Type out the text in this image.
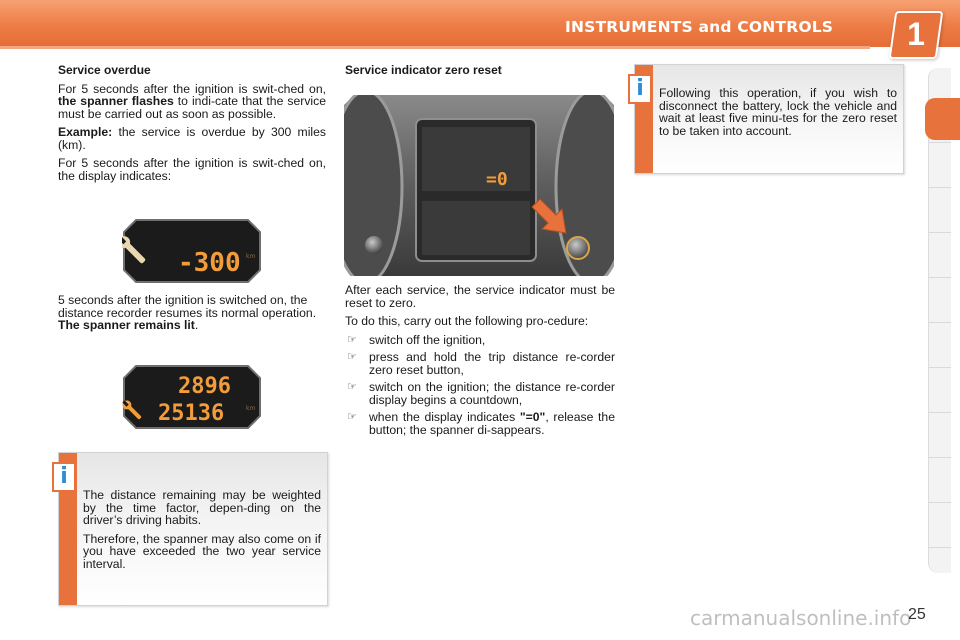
INSTRUMENTS and CONTROLS	1

Service overdue

For 5 seconds after the ignition is swit-ched on, the spanner flashes to indi-cate that the service must be carried out as soon as possible.

Example: the service is overdue by 300 miles (km).

For 5 seconds after the ignition is swit-ched on, the display indicates:

-300 km

5 seconds after the ignition is switched on, the distance recorder resumes its normal operation. The spanner remains lit.

2896
25136	km

The distance remaining may be weighted by the time factor, depen-ding on the driver’s driving habits.

Therefore, the spanner may also come on if you have exceeded the two year service interval.

i
Service indicator zero reset
=0

After each service, the service indicator must be reset to zero.

To do this, carry out the following pro-cedure:

☞ switch off the ignition,
☞ press and hold the trip distance re-corder zero reset button,
☞ switch on the ignition; the distance re-corder display begins a countdown,
☞ when the display indicates "=0", release the button; the spanner di-sappears.

Following this operation, if you wish to disconnect the battery, lock the vehicle and wait at least five minu-tes for the zero reset to be taken into account.

i
carmanualsonline.info
25
